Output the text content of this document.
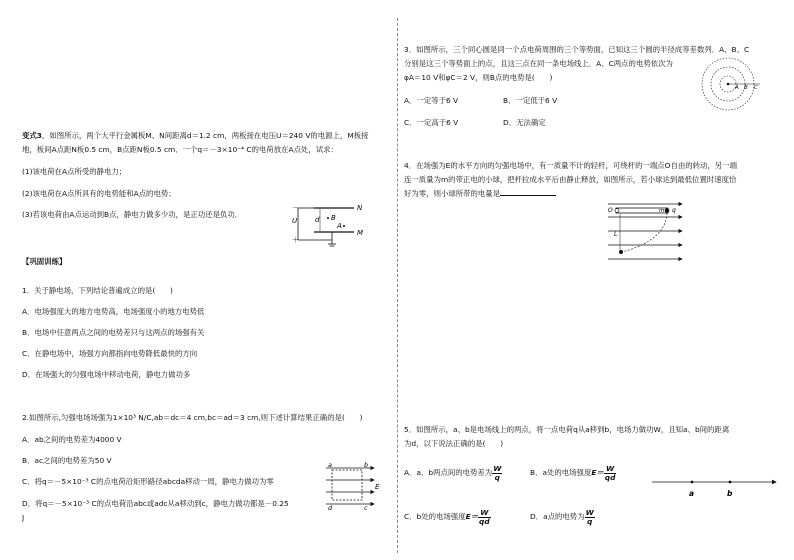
变式3．如图所示，两个大平行金属板M、N间距离d＝1.2 cm，两板接在电压U＝240 V的电源上，M板接
地，板间A点距N板0.5 cm，B点距N板0.5 cm．一个q＝－3×10⁻⁴ C的电荷放在A点处，试求：
(1)该电荷在A点所受的静电力；
(2)该电荷在A点所具有的电势能和A点的电势；
(3)若该电荷由A点运动到B点，静电力做多少功，是正功还是负功．
N
M
B
A
U	d
－
＋
【巩固训练】
1．关于静电场，下列结论普遍成立的是(　　)
A．电场强度大的地方电势高，电场强度小的地方电势低
B．电场中任意两点之间的电势差只与这两点的场强有关
C．在静电场中，场强方向都指向电势降低最快的方向
D．在场强大的匀强电场中移动电荷，静电力做功多
2.如图所示,匀强电场场强为1×10³ N/C,ab＝dc＝4 cm,bc＝ad＝3 cm,则下述计算结果正确的是(　　)
A．ab之间的电势差为4000 V
B．ac之间的电势差为50 V
C．将q＝－5×10⁻³ C的点电荷沿矩形路径abcda移动一周，静电力做功为零
D．将q＝－5×10⁻³ C的点电荷沿abc或adc从a移动到c，静电力做功都是－0.25
J
a	b
c
d
E
3．如图所示，三个同心圆是同一个点电荷周围的三个等势面，已知这三个圆的半径成等差数列．A、B、C
分别是这三个等势面上的点，且这三点在同一条电场线上．A、C两点的电势依次为
φA＝10 V和φC＝2 V，则B点的电势是(　　)
A．一定等于6 V	B．一定低于6 V
C．一定高于6 V	D．无法确定
A B C
4．在场强为E的水平方向的匀强电场中，有一质量不计的轻杆，可绕杆的一端点O自由的转动，另一端
连一质量为m的带正电的小球，把杆拉成水平后由静止释放，如图所示，若小球达到最低位置时速度恰
好为零，则小球所带的电量是
O	m q
L
5．如图所示，a、b是电场线上的两点，将一点电荷q从a移到b，电场力做功W，且知a、b间的距离
为d，以下说法正确的是(　　)
A．a、b两点间的电势差为 $\frac{W}{q}$	B．a处的电场强度$E= \frac{W}{qd}$
a	b
C．b处的电场强度$E= \frac{W}{qd}$	D．a点的电势为 $\frac{W}{q}$
